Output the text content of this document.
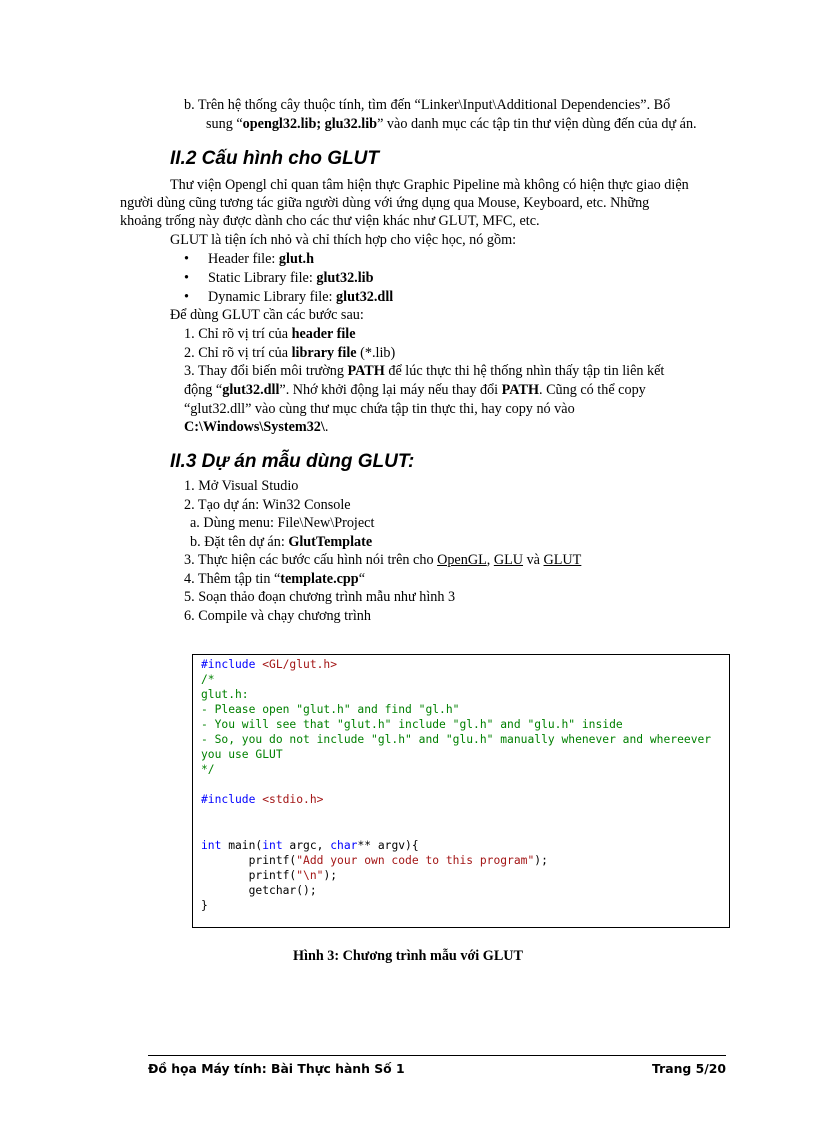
b. Trên hệ thống cây thuộc tính, tìm đến “Linker\Input\Additional Dependencies”. Bổ
sung “opengl32.lib; glu32.lib” vào danh mục các tập tin thư viện dùng đến của dự án.
II.2 Cấu hình cho GLUT
Thư viện Opengl chỉ quan tâm hiện thực Graphic Pipeline mà không có hiện thực giao diện
người dùng cũng tương tác giữa người dùng với ứng dụng qua Mouse, Keyboard, etc. Những
khoảng trống này được dành cho các thư viện khác như GLUT, MFC, etc.
GLUT là tiện ích nhỏ và chỉ thích hợp cho việc học, nó gồm:
• Header file: glut.h
• Static Library file: glut32.lib
• Dynamic Library file: glut32.dll
Để dùng GLUT cần các bước sau:
1. Chỉ rõ vị trí của header file
2. Chỉ rõ vị trí của library file (*.lib)
3. Thay đổi biến môi trường PATH để lúc thực thi hệ thống nhìn thấy tập tin liên kết
động “glut32.dll”. Nhớ khởi động lại máy nếu thay đổi PATH. Cũng có thể copy
“glut32.dll” vào cùng thư mục chứa tập tin thực thi, hay copy nó vào
C:\Windows\System32\.
II.3 Dự án mẫu dùng GLUT:
1. Mở Visual Studio
2. Tạo dự án: Win32 Console
a. Dùng menu: File\New\Project
b. Đặt tên dự án: GlutTemplate
3. Thực hiện các bước cấu hình nói trên cho OpenGL, GLU và GLUT
4. Thêm tập tin “template.cpp“
5. Soạn thảo đoạn chương trình mẫu như hình 3
6. Compile và chạy chương trình
#include <GL/glut.h>
/*
glut.h:
- Please open "glut.h" and find "gl.h"
- You will see that "glut.h" include "gl.h" and "glu.h" inside
- So, you do not include "gl.h" and "glu.h" manually whenever and whereever
you use GLUT
*/

#include <stdio.h>

int main(int argc, char** argv){
printf("Add your own code to this program");
printf("\n");
getchar();
}
Hình 3: Chương trình mẫu với GLUT
Đồ họa Máy tính: Bài Thực hành Số 1	Trang 5/20
